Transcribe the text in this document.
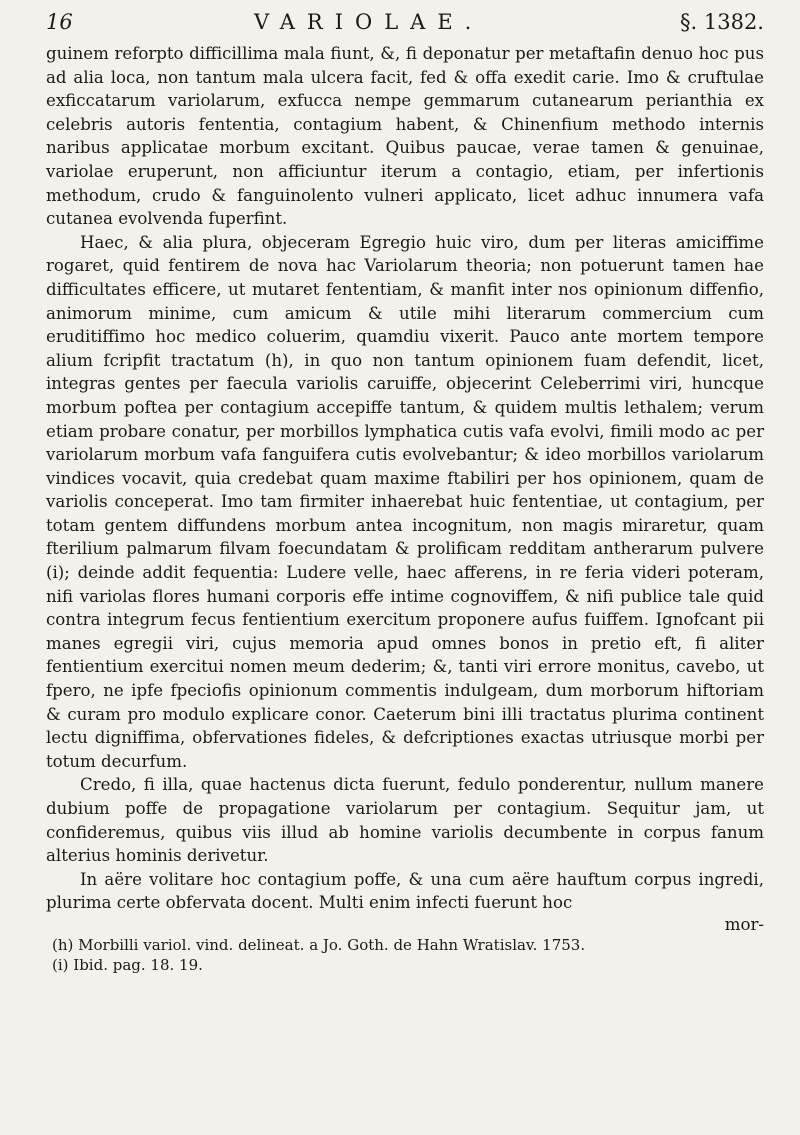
16	VARIOLAE.	§. 1382.

guinem reforpto difficillima mala fiunt, &, fi deponatur per metaftafin denuo hoc pus ad alia loca, non tantum mala ulcera facit, fed & offa exedit carie. Imo & cruftulae exficcatarum variolarum, exfucca nempe gemmarum cutanearum perianthia ex celebris autoris fententia, contagium habent, & Chinenfium methodo internis naribus applicatae morbum excitant. Quibus paucae, verae tamen & genuinae, variolae eruperunt, non afficiuntur iterum a contagio, etiam, per infertionis methodum, crudo & fanguinolento vulneri applicato, licet adhuc innumera vafa cutanea evolvenda fuperfint.

Haec, & alia plura, objeceram Egregio huic viro, dum per literas amiciffime rogaret, quid fentirem de nova hac Variolarum theoria; non potuerunt tamen hae difficultates efficere, ut mutaret fententiam, & manfit inter nos opinionum diffenfio, animorum minime, cum amicum & utile mihi literarum commercium cum eruditiffimo hoc medico coluerim, quamdiu vixerit. Pauco ante mortem tempore alium fcripfit tractatum (h), in quo non tantum opinionem fuam defendit, licet, integras gentes per faecula variolis caruiffe, objecerint Celeberrimi viri, huncque morbum poftea per contagium accepiffe tantum, & quidem multis lethalem; verum etiam probare conatur, per morbillos lymphatica cutis vafa evolvi, fimili modo ac per variolarum morbum vafa fanguifera cutis evolvebantur; & ideo morbillos variolarum vindices vocavit, quia credebat quam maxime ftabiliri per hos opinionem, quam de variolis conceperat. Imo tam firmiter inhaerebat huic fententiae, ut contagium, per totam gentem diffundens morbum antea incognitum, non magis miraretur, quam fterilium palmarum filvam foecundatam & prolificam redditam antherarum pulvere (i); deinde addit fequentia: Ludere velle, haec afferens, in re feria videri poteram, nifi variolas flores humani corporis effe intime cognoviffem, & nifi publice tale quid contra integrum fecus fentientium exercitum proponere aufus fuiffem. Ignofcant pii manes egregii viri, cujus memoria apud omnes bonos in pretio eft, fi aliter fentientium exercitui nomen meum dederim; &, tanti viri errore monitus, cavebo, ut fpero, ne ipfe fpeciofis opinionum commentis indulgeam, dum morborum hiftoriam & curam pro modulo explicare conor. Caeterum bini illi tractatus plurima continent lectu digniffima, obfervationes fideles, & defcriptiones exactas utriusque morbi per totum decurfum.

Credo, fi illa, quae hactenus dicta fuerunt, fedulo ponderentur, nullum manere dubium poffe de propagatione variolarum per contagium. Sequitur jam, ut confideremus, quibus viis illud ab homine variolis decumbente in corpus fanum alterius hominis derivetur.

In aëre volitare hoc contagium poffe, & una cum aëre hauftum corpus ingredi, plurima certe obfervata docent. Multi enim infecti fuerunt hoc

mor-

(h) Morbilli variol. vind. delineat. a Jo. Goth. de Hahn Wratislav. 1753.

(i) Ibid. pag. 18. 19.
